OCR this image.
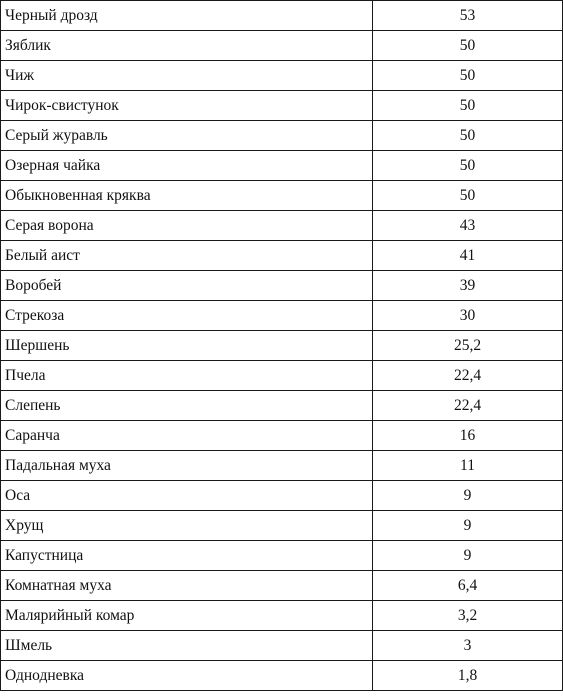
Черный дрозд	53
Зяблик	50
Чиж	50
Чирок-свистунок	50
Серый журавль	50
Озерная чайка	50
Обыкновенная кряква	50
Серая ворона	43
Белый аист	41
Воробей	39
Стрекоза	30
Шершень	25,2
Пчела	22,4
Слепень	22,4
Саранча	16
Падальная муха	11
Оса	9
Хрущ	9
Капустница	9
Комнатная муха	6,4
Малярийный комар	3,2
Шмель	3
Однодневка	1,8
